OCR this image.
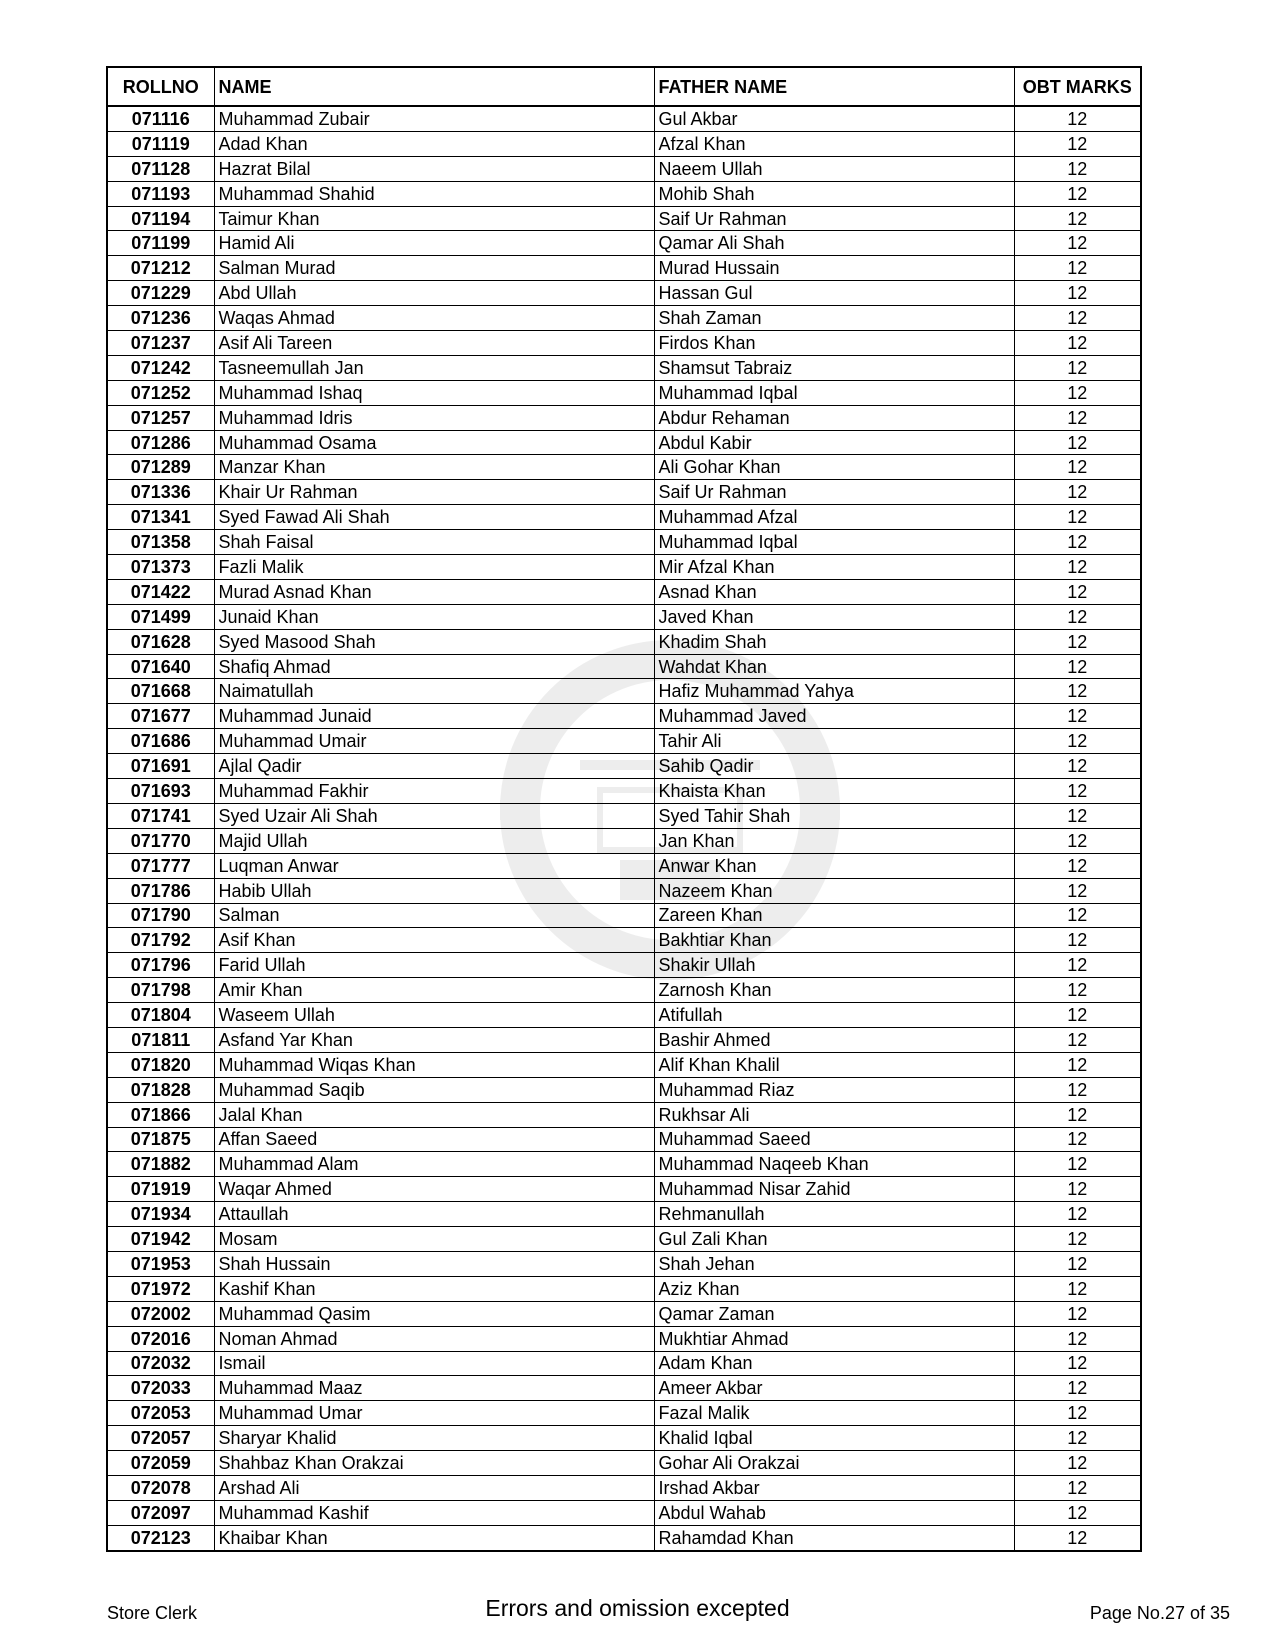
ROLLNO	NAME	FATHER NAME	OBT MARKS
071116	Muhammad Zubair	Gul Akbar	12
071119	Adad Khan	Afzal Khan	12
071128	Hazrat Bilal	Naeem Ullah	12
071193	Muhammad Shahid	Mohib Shah	12
071194	Taimur Khan	Saif Ur Rahman	12
071199	Hamid Ali	Qamar Ali Shah	12
071212	Salman Murad	Murad Hussain	12
071229	Abd Ullah	Hassan Gul	12
071236	Waqas Ahmad	Shah Zaman	12
071237	Asif Ali Tareen	Firdos Khan	12
071242	Tasneemullah Jan	Shamsut Tabraiz	12
071252	Muhammad Ishaq	Muhammad Iqbal	12
071257	Muhammad Idris	Abdur Rehaman	12
071286	Muhammad Osama	Abdul Kabir	12
071289	Manzar Khan	Ali Gohar Khan	12
071336	Khair Ur Rahman	Saif Ur Rahman	12
071341	Syed Fawad Ali Shah	Muhammad Afzal	12
071358	Shah Faisal	Muhammad Iqbal	12
071373	Fazli Malik	Mir Afzal Khan	12
071422	Murad Asnad Khan	Asnad Khan	12
071499	Junaid Khan	Javed Khan	12
071628	Syed Masood Shah	Khadim Shah	12
071640	Shafiq Ahmad	Wahdat Khan	12
071668	Naimatullah	Hafiz Muhammad Yahya	12
071677	Muhammad Junaid	Muhammad Javed	12
071686	Muhammad Umair	Tahir Ali	12
071691	Ajlal Qadir	Sahib Qadir	12
071693	Muhammad Fakhir	Khaista Khan	12
071741	Syed Uzair Ali Shah	Syed Tahir Shah	12
071770	Majid Ullah	Jan Khan	12
071777	Luqman Anwar	Anwar Khan	12
071786	Habib Ullah	Nazeem Khan	12
071790	Salman	Zareen Khan	12
071792	Asif Khan	Bakhtiar Khan	12
071796	Farid Ullah	Shakir Ullah	12
071798	Amir Khan	Zarnosh Khan	12
071804	Waseem Ullah	Atifullah	12
071811	Asfand Yar Khan	Bashir Ahmed	12
071820	Muhammad Wiqas Khan	Alif Khan Khalil	12
071828	Muhammad Saqib	Muhammad Riaz	12
071866	Jalal Khan	Rukhsar Ali	12
071875	Affan Saeed	Muhammad Saeed	12
071882	Muhammad Alam	Muhammad Naqeeb Khan	12
071919	Waqar Ahmed	Muhammad Nisar Zahid	12
071934	Attaullah	Rehmanullah	12
071942	Mosam	Gul Zali Khan	12
071953	Shah Hussain	Shah Jehan	12
071972	Kashif Khan	Aziz Khan	12
072002	Muhammad Qasim	Qamar Zaman	12
072016	Noman Ahmad	Mukhtiar Ahmad	12
072032	Ismail	Adam Khan	12
072033	Muhammad Maaz	Ameer Akbar	12
072053	Muhammad Umar	Fazal Malik	12
072057	Sharyar Khalid	Khalid Iqbal	12
072059	Shahbaz Khan Orakzai	Gohar Ali Orakzai	12
072078	Arshad Ali	Irshad Akbar	12
072097	Muhammad Kashif	Abdul Wahab	12
072123	Khaibar Khan	Rahamdad Khan	12
Store Clerk	Errors and omission excepted	Page No.27 of 35
